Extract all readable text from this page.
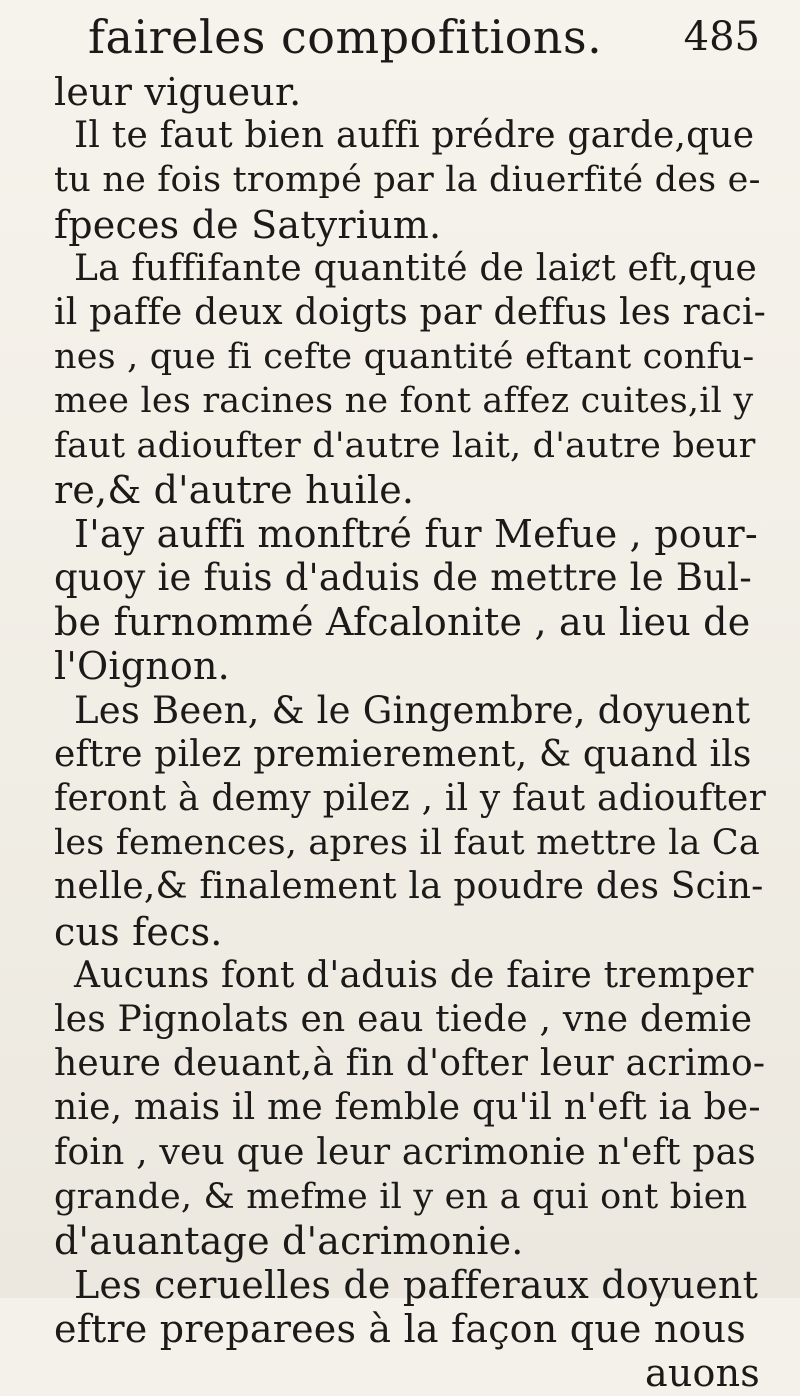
faireles compofitions. 485
leur vigueur.
Il te faut bien auffi prédre garde,que
tu ne fois trompé par la diuerfité des e-
fpeces de Satyrium.
La fuffifante quantité de laiȼt eft,que
il paffe deux doigts par deffus les raci-
nes , que fi cefte quantité eftant confu-
mee les racines ne font affez cuites,il y
faut adioufter d'autre lait, d'autre beur
re,& d'autre huile.
I'ay auffi monftré fur Mefue , pour-
quoy ie fuis d'aduis de mettre le Bul-
be furnommé Afcalonite , au lieu de
l'Oignon.
Les Been, & le Gingembre, doyuent
eftre pilez premierement, & quand ils
feront à demy pilez , il y faut adioufter
les femences, apres il faut mettre la Ca
nelle,& finalement la poudre des Scin-
cus fecs.
Aucuns font d'aduis de faire tremper
les Pignolats en eau tiede , vne demie
heure deuant,à fin d'ofter leur acrimo-
nie, mais il me femble qu'il n'eft ia be-
foin , veu que leur acrimonie n'eft pas
grande, & mefme il y en a qui ont bien
d'auantage d'acrimonie.
Les ceruelles de pafferaux doyuent
eftre preparees à la façon que nous
auons
